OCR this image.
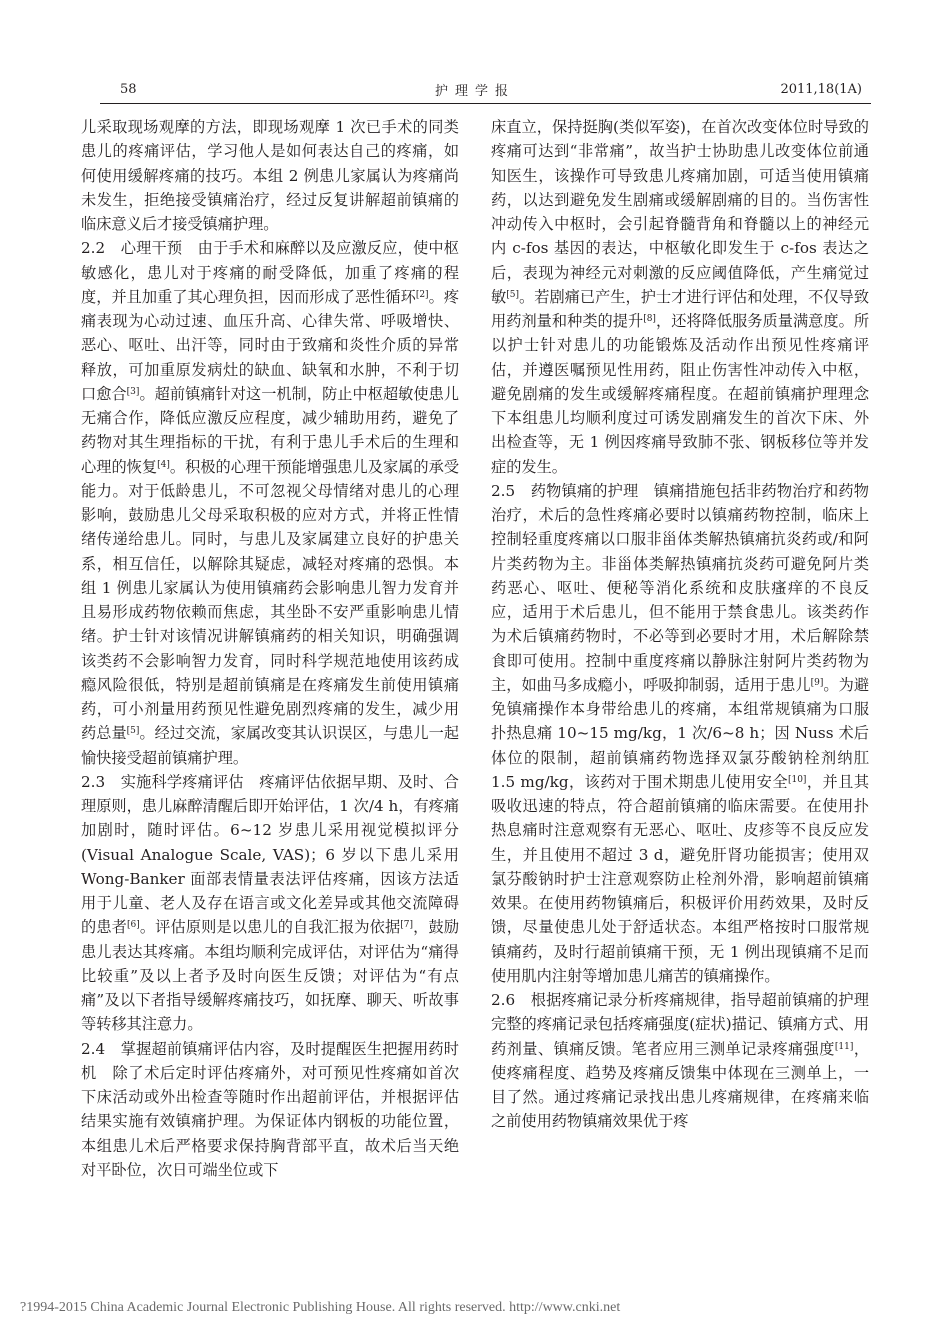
58	护理学报	2011,18(1A)

儿采取现场观摩的方法，即现场观摩 1 次已手术的同类患儿的疼痛评估，学习他人是如何表达自己的疼痛，如何使用缓解疼痛的技巧。本组 2 例患儿家属认为疼痛尚未发生，拒绝接受镇痛治疗，经过反复讲解超前镇痛的临床意义后才接受镇痛护理。

2.2　心理干预　由于手术和麻醉以及应激反应，使中枢敏感化，患儿对于疼痛的耐受降低，加重了疼痛的程度，并且加重了其心理负担，因而形成了恶性循环[2]。疼痛表现为心动过速、血压升高、心律失常、呼吸增快、恶心、呕吐、出汗等，同时由于致痛和炎性介质的异常释放，可加重原发病灶的缺血、缺氧和水肿，不利于切口愈合[3]。超前镇痛针对这一机制，防止中枢超敏使患儿无痛合作，降低应激反应程度，减少辅助用药，避免了药物对其生理指标的干扰，有利于患儿手术后的生理和心理的恢复[4]。积极的心理干预能增强患儿及家属的承受能力。对于低龄患儿，不可忽视父母情绪对患儿的心理影响，鼓励患儿父母采取积极的应对方式，并将正性情绪传递给患儿。同时，与患儿及家属建立良好的护患关系，相互信任，以解除其疑虑，减轻对疼痛的恐惧。本组 1 例患儿家属认为使用镇痛药会影响患儿智力发育并且易形成药物依赖而焦虑，其坐卧不安严重影响患儿情绪。护士针对该情况讲解镇痛药的相关知识，明确强调该类药不会影响智力发育，同时科学规范地使用该药成瘾风险很低，特别是超前镇痛是在疼痛发生前使用镇痛药，可小剂量用药预见性避免剧烈疼痛的发生，减少用药总量[5]。经过交流，家属改变其认识误区，与患儿一起愉快接受超前镇痛护理。

2.3　实施科学疼痛评估　疼痛评估依据早期、及时、合理原则，患儿麻醉清醒后即开始评估，1 次/4 h，有疼痛加剧时，随时评估。6~12 岁患儿采用视觉模拟评分(Visual Analogue Scale, VAS)；6 岁以下患儿采用 Wong-Banker 面部表情量表法评估疼痛，因该方法适用于儿童、老人及存在语言或文化差异或其他交流障碍的患者[6]。评估原则是以患儿的自我汇报为依据[7]，鼓励患儿表达其疼痛。本组均顺利完成评估，对评估为“痛得比较重”及以上者予及时向医生反馈；对评估为“有点痛”及以下者指导缓解疼痛技巧，如抚摩、聊天、听故事等转移其注意力。

2.4　掌握超前镇痛评估内容，及时提醒医生把握用药时机　除了术后定时评估疼痛外，对可预见性疼痛如首次下床活动或外出检查等随时作出超前评估，并根据评估结果实施有效镇痛护理。为保证体内钢板的功能位置，本组患儿术后严格要求保持胸背部平直，故术后当天绝对平卧位，次日可端坐位或下

床直立，保持挺胸(类似军姿)，在首次改变体位时导致的疼痛可达到“非常痛”，故当护士协助患儿改变体位前通知医生，该操作可导致患儿疼痛加剧，可适当使用镇痛药，以达到避免发生剧痛或缓解剧痛的目的。当伤害性冲动传入中枢时，会引起脊髓背角和脊髓以上的神经元内 c-fos 基因的表达，中枢敏化即发生于 c-fos 表达之后，表现为神经元对刺激的反应阈值降低，产生痛觉过敏[5]。若剧痛已产生，护士才进行评估和处理，不仅导致用药剂量和种类的提升[8]，还将降低服务质量满意度。所以护士针对患儿的功能锻炼及活动作出预见性疼痛评估，并遵医嘱预见性用药，阻止伤害性冲动传入中枢，避免剧痛的发生或缓解疼痛程度。在超前镇痛护理理念下本组患儿均顺利度过可诱发剧痛发生的首次下床、外出检查等，无 1 例因疼痛导致肺不张、钢板移位等并发症的发生。

2.5　药物镇痛的护理　镇痛措施包括非药物治疗和药物治疗，术后的急性疼痛必要时以镇痛药物控制，临床上控制轻重度疼痛以口服非甾体类解热镇痛抗炎药或/和阿片类药物为主。非甾体类解热镇痛抗炎药可避免阿片类药恶心、呕吐、便秘等消化系统和皮肤瘙痒的不良反应，适用于术后患儿，但不能用于禁食患儿。该类药作为术后镇痛药物时，不必等到必要时才用，术后解除禁食即可使用。控制中重度疼痛以静脉注射阿片类药物为主，如曲马多成瘾小，呼吸抑制弱，适用于患儿[9]。为避免镇痛操作本身带给患儿的疼痛，本组常规镇痛为口服扑热息痛 10~15 mg/kg，1 次/6~8 h；因 Nuss 术后体位的限制，超前镇痛药物选择双氯芬酸钠栓剂纳肛 1.5 mg/kg，该药对于围术期患儿使用安全[10]，并且其吸收迅速的特点，符合超前镇痛的临床需要。在使用扑热息痛时注意观察有无恶心、呕吐、皮疹等不良反应发生，并且使用不超过 3 d，避免肝肾功能损害；使用双氯芬酸钠时护士注意观察防止栓剂外滑，影响超前镇痛效果。在使用药物镇痛后，积极评价用药效果，及时反馈，尽量使患儿处于舒适状态。本组严格按时口服常规镇痛药，及时行超前镇痛干预，无 1 例出现镇痛不足而使用肌内注射等增加患儿痛苦的镇痛操作。

2.6　根据疼痛记录分析疼痛规律，指导超前镇痛的护理　完整的疼痛记录包括疼痛强度(症状)描记、镇痛方式、用药剂量、镇痛反馈。笔者应用三测单记录疼痛强度[11]，使疼痛程度、趋势及疼痛反馈集中体现在三测单上，一目了然。通过疼痛记录找出患儿疼痛规律，在疼痛来临之前使用药物镇痛效果优于疼

?1994-2015 China Academic Journal Electronic Publishing House. All rights reserved. http://www.cnki.net
